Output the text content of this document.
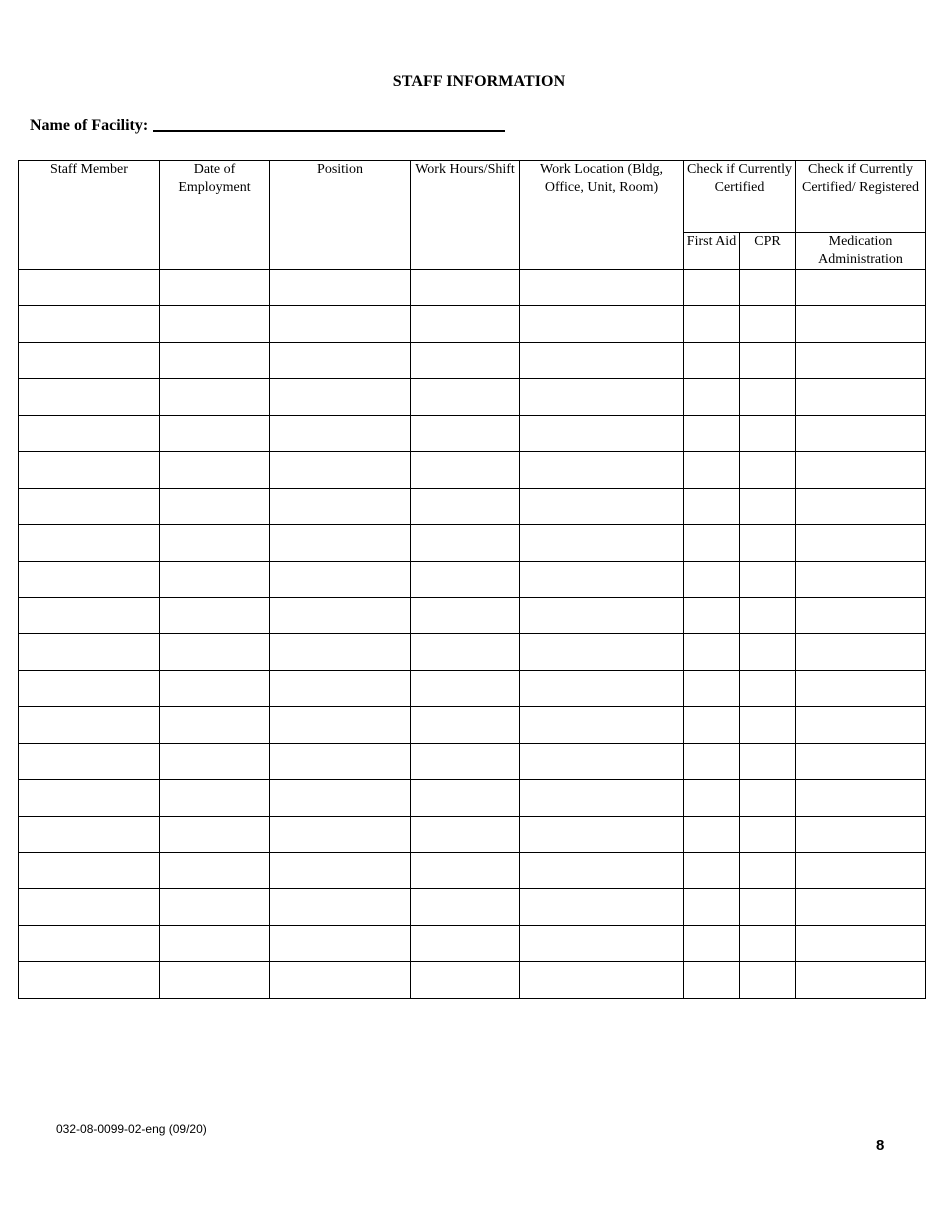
STAFF INFORMATION
Name of Facility:
Staff Member	Date of Employment	Position	Work Hours/Shift	Work Location (Bldg, Office, Unit, Room)	Check if Currently Certified		Check if Currently Certified/ Registered
					First Aid	CPR	Medication Administration

032-08-0099-02-eng (09/20)
8
